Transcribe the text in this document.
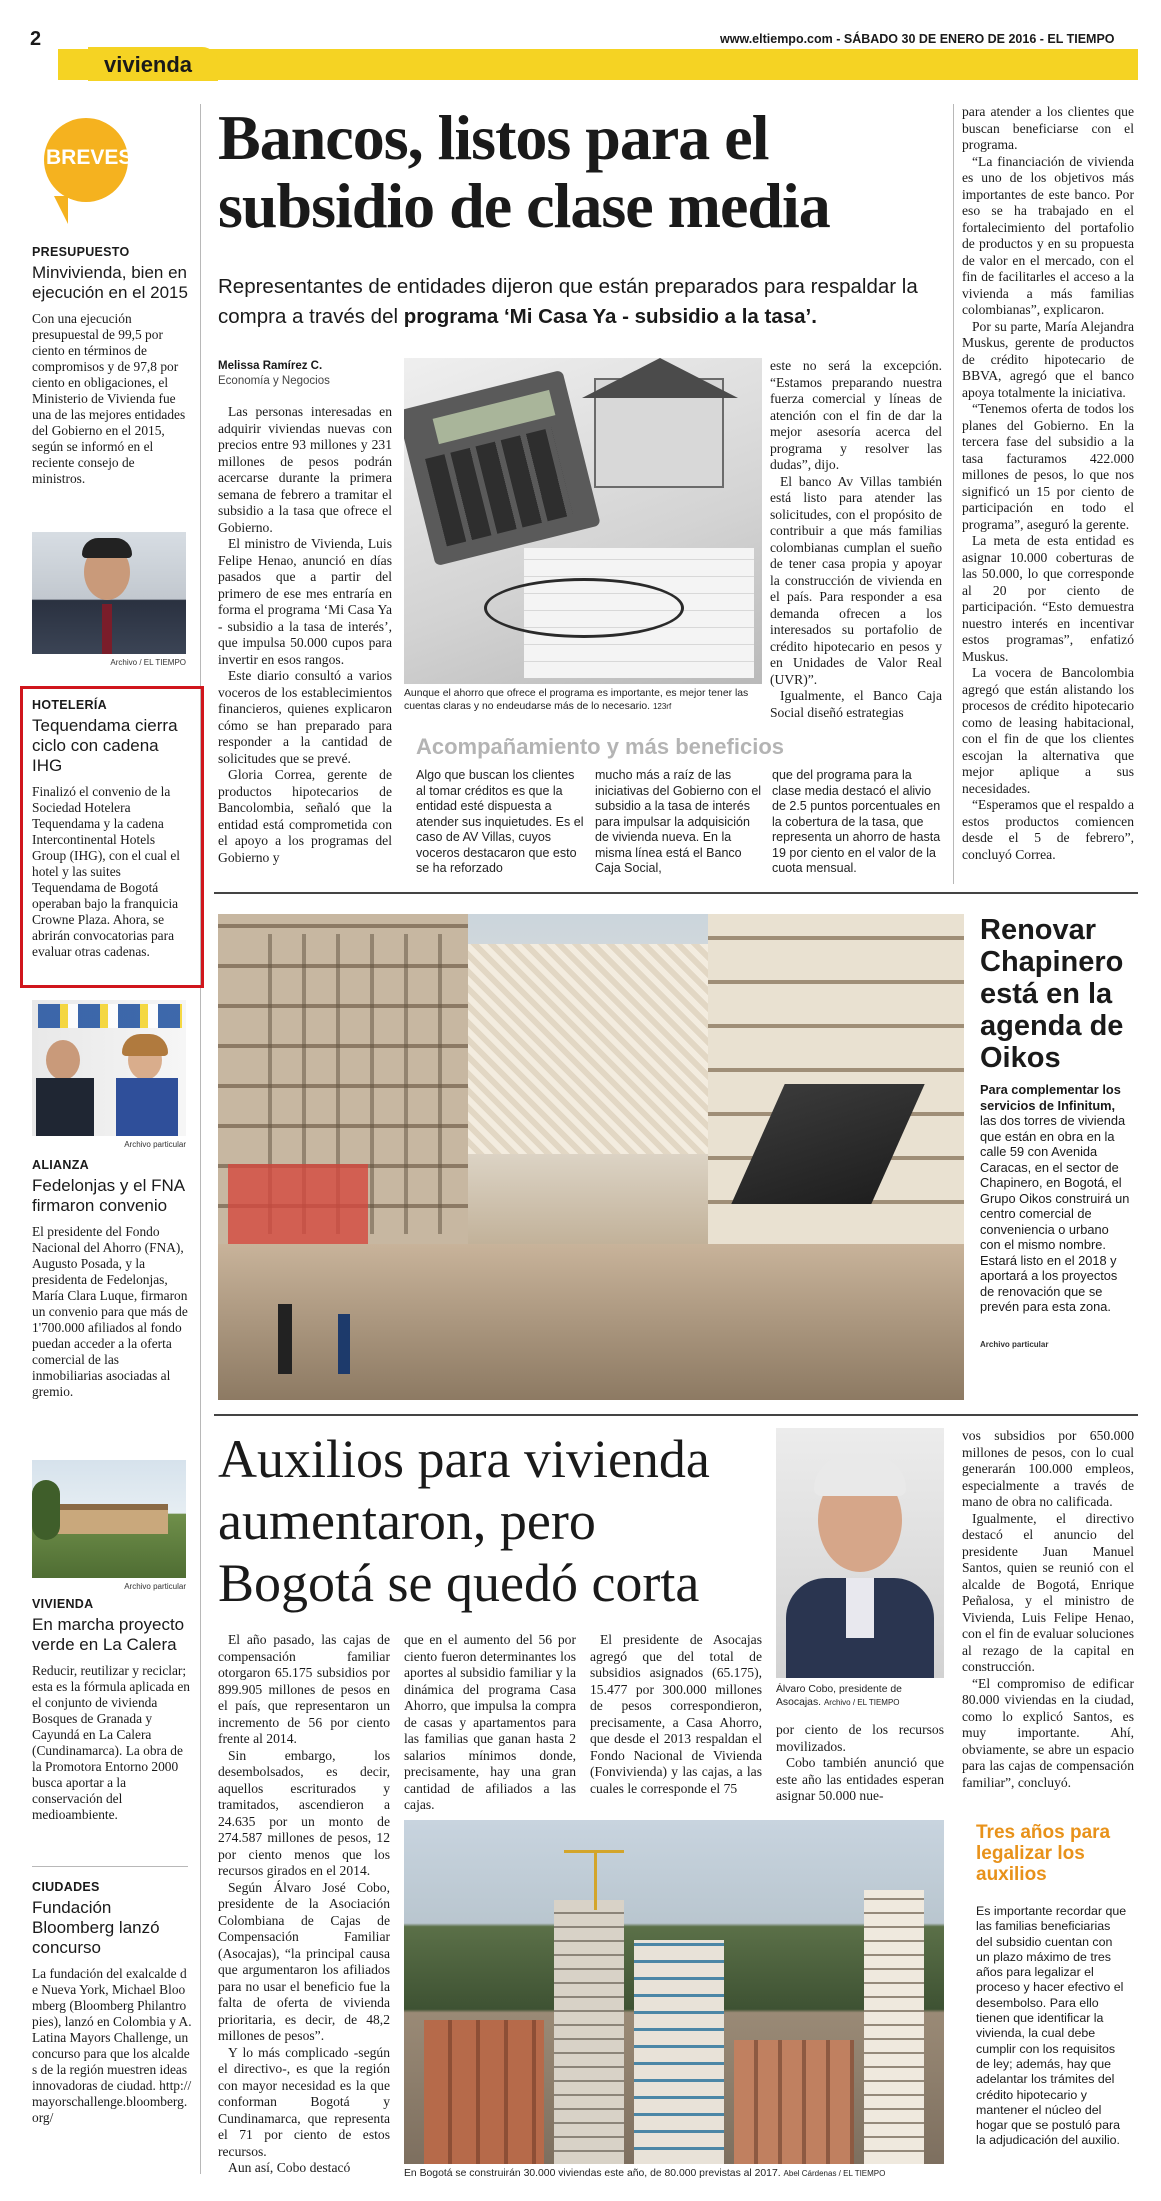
2	www.eltiempo.com - SÁBADO 30 DE ENERO DE 2016 - EL TIEMPO
vivienda
BREVES
PRESUPUESTO
Minvivienda, bien en ejecución en el 2015
Con una ejecución presupuestal de 99,5 por ciento en términos de compromisos y de 97,8 por ciento en obligaciones, el Ministerio de Vivienda fue una de las mejores entidades del Gobierno en el 2015, según se informó en el reciente consejo de ministros.
Archivo / EL TIEMPO
HOTELERÍA
Tequendama cierra ciclo con cadena IHG
Finalizó el convenio de la Sociedad Hotelera Tequendama y la cadena Intercontinental Hotels Group (IHG), con el cual el hotel y las suites Tequendama de Bogotá operaban bajo la franquicia Crowne Plaza. Ahora, se abrirán convocatorias para evaluar otras cadenas.
Archivo particular
ALIANZA
Fedelonjas y el FNA firmaron convenio
El presidente del Fondo Nacional del Ahorro (FNA), Augusto Posada, y la presidenta de Fedelonjas, María Clara Luque, firmaron un convenio para que más de 1'700.000 afiliados al fondo puedan acceder a la oferta comercial de las inmobiliarias asociadas al gremio.
Archivo particular
VIVIENDA
En marcha proyecto verde en La Calera
Reducir, reutilizar y reciclar; esta es la fórmula aplicada en el conjunto de vivienda Bosques de Granada y Cayundá en La Calera (Cundinamarca). La obra de la Promotora Entorno 2000 busca aportar a la conservación del medioambiente.
CIUDADES
Fundación Bloomberg lanzó concurso
La fundación del exalcalde de Nueva York, Michael Bloomberg (Bloomberg Philantropies), lanzó en Colombia y A. Latina Mayors Challenge, un concurso para que los alcaldes de la región muestren ideas innovadoras de ciudad. http://mayorschallenge.bloomberg.org/
Bancos, listos para el subsidio de clase media
Representantes de entidades dijeron que están preparados para respaldar la compra a través del programa ‘Mi Casa Ya - subsidio a la tasa’.
Melissa Ramírez C.
Economía y Negocios

Las personas interesadas en adquirir viviendas nuevas con precios entre 93 millones y 231 millones de pesos podrán acercarse durante la primera semana de febrero a tramitar el subsidio a la tasa que ofrece el Gobierno.

El ministro de Vivienda, Luis Felipe Henao, anunció en días pasados que a partir del primero de ese mes entraría en forma el programa ‘Mi Casa Ya - subsidio a la tasa de interés’, que impulsa 50.000 cupos para invertir en esos rangos.

Este diario consultó a varios voceros de los establecimientos financieros, quienes explicaron cómo se han preparado para responder a la cantidad de solicitudes que se prevé.

Gloria Correa, gerente de productos hipotecarios de Bancolombia, señaló que la entidad está comprometida con el apoyo a los programas del Gobierno y

Aunque el ahorro que ofrece el programa es importante, es mejor tener las cuentas claras y no endeudarse más de lo necesario. 123rf

este no será la excepción. “Estamos preparando nuestra fuerza comercial y líneas de atención con el fin de dar la mejor asesoría acerca del programa y resolver las dudas”, dijo.

El banco Av Villas también está listo para atender las solicitudes, con el propósito de contribuir a que más familias colombianas cumplan el sueño de tener casa propia y apoyar la construcción de vivienda en el país. Para responder a esa demanda ofrecen a los interesados su portafolio de crédito hipotecario en pesos y en Unidades de Valor Real (UVR)”.

Igualmente, el Banco Caja Social diseñó estrategias

para atender a los clientes que buscan beneficiarse con el programa.

“La financiación de vivienda es uno de los objetivos más importantes de este banco. Por eso se ha trabajado en el fortalecimiento del portafolio de productos y en su propuesta de valor en el mercado, con el fin de facilitarles el acceso a la vivienda a más familias colombianas”, explicaron.

Por su parte, María Alejandra Muskus, gerente de productos de crédito hipotecario de BBVA, agregó que el banco apoya totalmente la iniciativa.

“Tenemos oferta de todos los planes del Gobierno. En la tercera fase del subsidio a la tasa facturamos 422.000 millones de pesos, lo que nos significó un 15 por ciento de participación en todo el programa”, aseguró la gerente.

La meta de esta entidad es asignar 10.000 coberturas de las 50.000, lo que corresponde al 20 por ciento de participación. “Esto demuestra nuestro interés en incentivar estos programas”, enfatizó Muskus.

La vocera de Bancolombia agregó que están alistando los procesos de crédito hipotecario como de leasing habitacional, con el fin de que los clientes escojan la alternativa que mejor aplique a sus necesidades.

“Esperamos que el respaldo a estos productos comiencen desde el 5 de febrero”, concluyó Correa.

Acompañamiento y más beneficios
Algo que buscan los clientes al tomar créditos es que la entidad esté dispuesta a atender sus inquietudes. Es el caso de AV Villas, cuyos voceros destacaron que esto se ha reforzado
mucho más a raíz de las iniciativas del Gobierno con el subsidio a la tasa de interés para impulsar la adquisición de vivienda nueva. En la misma línea está el Banco Caja Social,
que del programa para la clase media destacó el alivio de 2.5 puntos porcentuales en la cobertura de la tasa, que representa un ahorro de hasta 19 por ciento en el valor de la cuota mensual.
Renovar Chapinero está en la agenda de Oikos
Para complementar los servicios de Infinitum, las dos torres de vivienda que están en obra en la calle 59 con Avenida Caracas, en el sector de Chapinero, en Bogotá, el Grupo Oikos construirá un centro comercial de conveniencia o urbano con el mismo nombre. Estará listo en el 2018 y aportará a los proyectos de renovación que se prevén para esta zona.
Archivo particular
Auxilios para vivienda aumentaron, pero Bogotá se quedó corta
Álvaro Cobo, presidente de Asocajas. Archivo / EL TIEMPO

El año pasado, las cajas de compensación familiar otorgaron 65.175 subsidios por 899.905 millones de pesos en el país, que representaron un incremento de 56 por ciento frente al 2014.

Sin embargo, los desembolsados, es decir, aquellos escriturados y tramitados, ascendieron a 24.635 por un monto de 274.587 millones de pesos, 12 por ciento menos que los recursos girados en el 2014.

Según Álvaro José Cobo, presidente de la Asociación Colombiana de Cajas de Compensación Familiar (Asocajas), “la principal causa que argumentaron los afiliados para no usar el beneficio fue la falta de oferta de vivienda prioritaria, es decir, de 48,2 millones de pesos”.

Y lo más complicado -según el directivo-, es que la región con mayor necesidad es la que conforman Bogotá y Cundinamarca, que representa el 71 por ciento de estos recursos.

Aun así, Cobo destacó

que en el aumento del 56 por ciento fueron determinantes los aportes al subsidio familiar y la dinámica del programa Casa Ahorro, que impulsa la compra de casas y apartamentos para las familias que ganan hasta 2 salarios mínimos donde, precisamente, hay una gran cantidad de afiliados a las cajas.

El presidente de Asocajas agregó que del total de subsidios asignados (65.175), 15.477 por 300.000 millones de pesos correspondieron, precisamente, a Casa Ahorro, que desde el 2013 respaldan el Fondo Nacional de Vivienda (Fonvivienda) y las cajas, a las cuales le corresponde el 75

por ciento de los recursos movilizados.

Cobo también anunció que este año las entidades esperan asignar 50.000 nue-

vos subsidios por 650.000 millones de pesos, con lo cual generarán 100.000 empleos, especialmente a través de mano de obra no calificada.

Igualmente, el directivo destacó el anuncio del presidente Juan Manuel Santos, quien se reunió con el alcalde de Bogotá, Enrique Peñalosa, y el ministro de Vivienda, Luis Felipe Henao, con el fin de evaluar soluciones al rezago de la capital en construcción.

“El compromiso de edificar 80.000 viviendas en la ciudad, como lo explicó Santos, es muy importante. Ahí, obviamente, se abre un espacio para las cajas de compensación familiar”, concluyó.

En Bogotá se construirán 30.000 viviendas este año, de 80.000 previstas al 2017. Abel Cárdenas / EL TIEMPO
Tres años para legalizar los auxilios
Es importante recordar que las familias beneficiarias del subsidio cuentan con un plazo máximo de tres años para legalizar el proceso y hacer efectivo el desembolso. Para ello tienen que identificar la vivienda, la cual debe cumplir con los requisitos de ley; además, hay que adelantar los trámites del crédito hipotecario y mantener el núcleo del hogar que se postuló para la adjudicación del auxilio.
